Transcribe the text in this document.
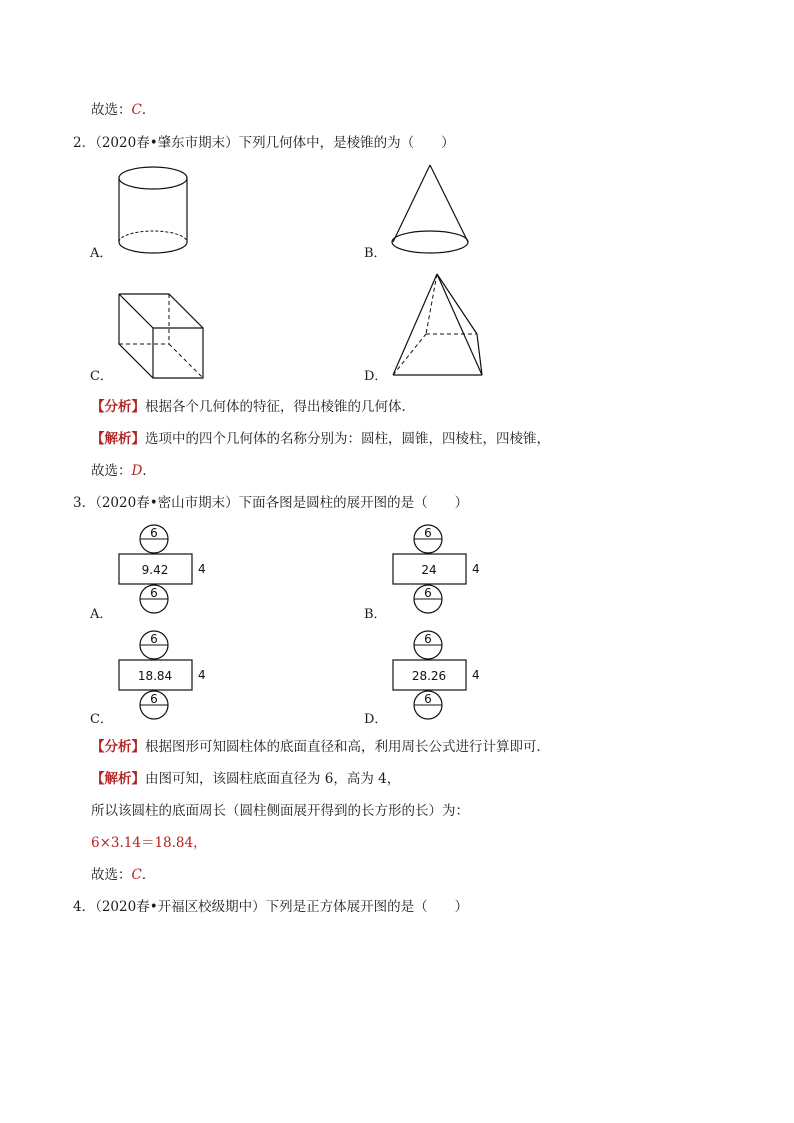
故选：C．
2．（2020春•肇东市期末）下列几何体中，是棱锥的为（　　）
A．	B．
C．	D．
【分析】根据各个几何体的特征，得出棱锥的几何体．
【解析】选项中的四个几何体的名称分别为：圆柱，圆锥，四棱柱，四棱锥，
故选：D．
3．（2020春•密山市期末）下面各图是圆柱的展开图的是（　　）
6
9.42 4
6
A．
6
24	4
6
B．
6
18.84 4
6
C．
6
28.26 4
6
D．
【分析】根据图形可知圆柱体的底面直径和高，利用周长公式进行计算即可．
【解析】由图可知，该圆柱底面直径为 6，高为 4，
所以该圆柱的底面周长（圆柱侧面展开得到的长方形的长）为：
6×3.14＝18.84，
故选：C．
4．（2020春•开福区校级期中）下列是正方体展开图的是（　　）
